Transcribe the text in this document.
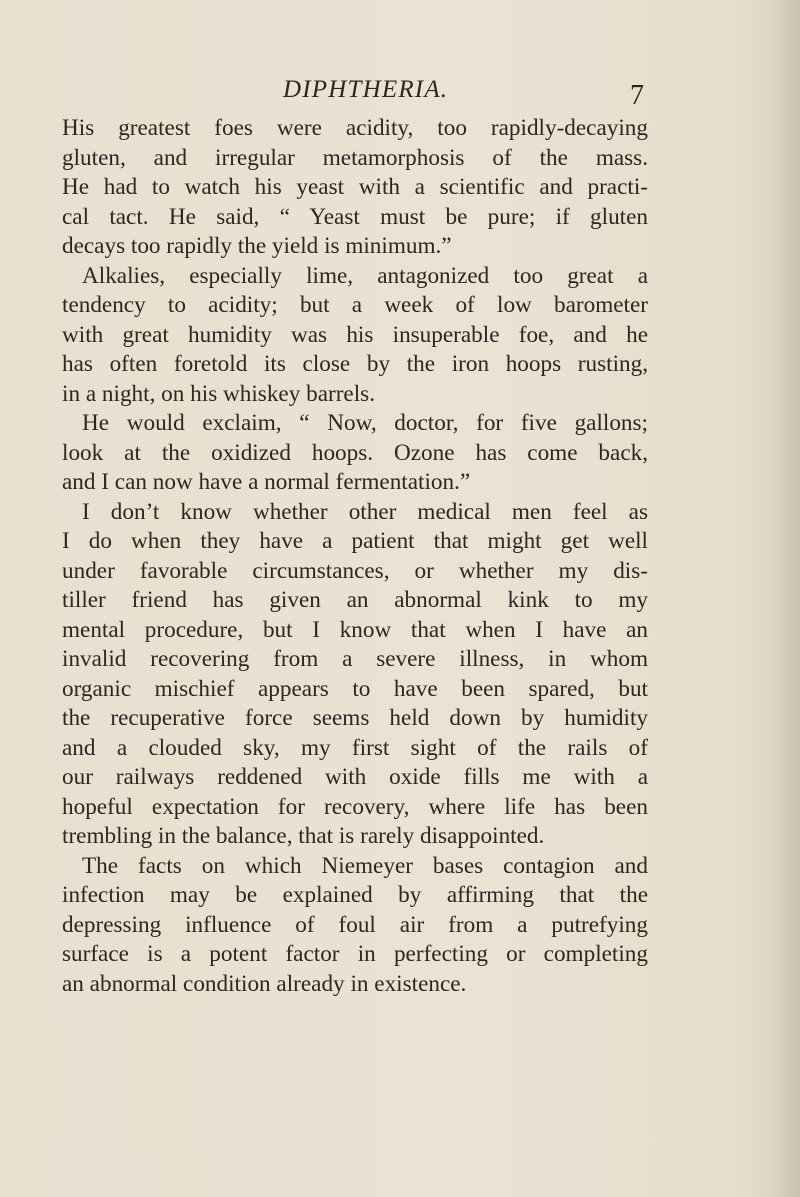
DIPHTHERIA.	7

His greatest foes were acidity, too rapidly-decaying
gluten, and irregular metamorphosis of the mass.
He had to watch his yeast with a scientific and practi-
cal tact. He said, “ Yeast must be pure; if gluten
decays too rapidly the yield is minimum.”

Alkalies, especially lime, antagonized too great a
tendency to acidity; but a week of low barometer
with great humidity was his insuperable foe, and he
has often foretold its close by the iron hoops rusting,
in a night, on his whiskey barrels.

He would exclaim, “ Now, doctor, for five gallons;
look at the oxidized hoops. Ozone has come back,
and I can now have a normal fermentation.”

I don’t know whether other medical men feel as
I do when they have a patient that might get well
under favorable circumstances, or whether my dis-
tiller friend has given an abnormal kink to my
mental procedure, but I know that when I have an
invalid recovering from a severe illness, in whom
organic mischief appears to have been spared, but
the recuperative force seems held down by humidity
and a clouded sky, my first sight of the rails of
our railways reddened with oxide fills me with a
hopeful expectation for recovery, where life has been
trembling in the balance, that is rarely disappointed.

The facts on which Niemeyer bases contagion and
infection may be explained by affirming that the
depressing influence of foul air from a putrefying
surface is a potent factor in perfecting or completing
an abnormal condition already in existence.
